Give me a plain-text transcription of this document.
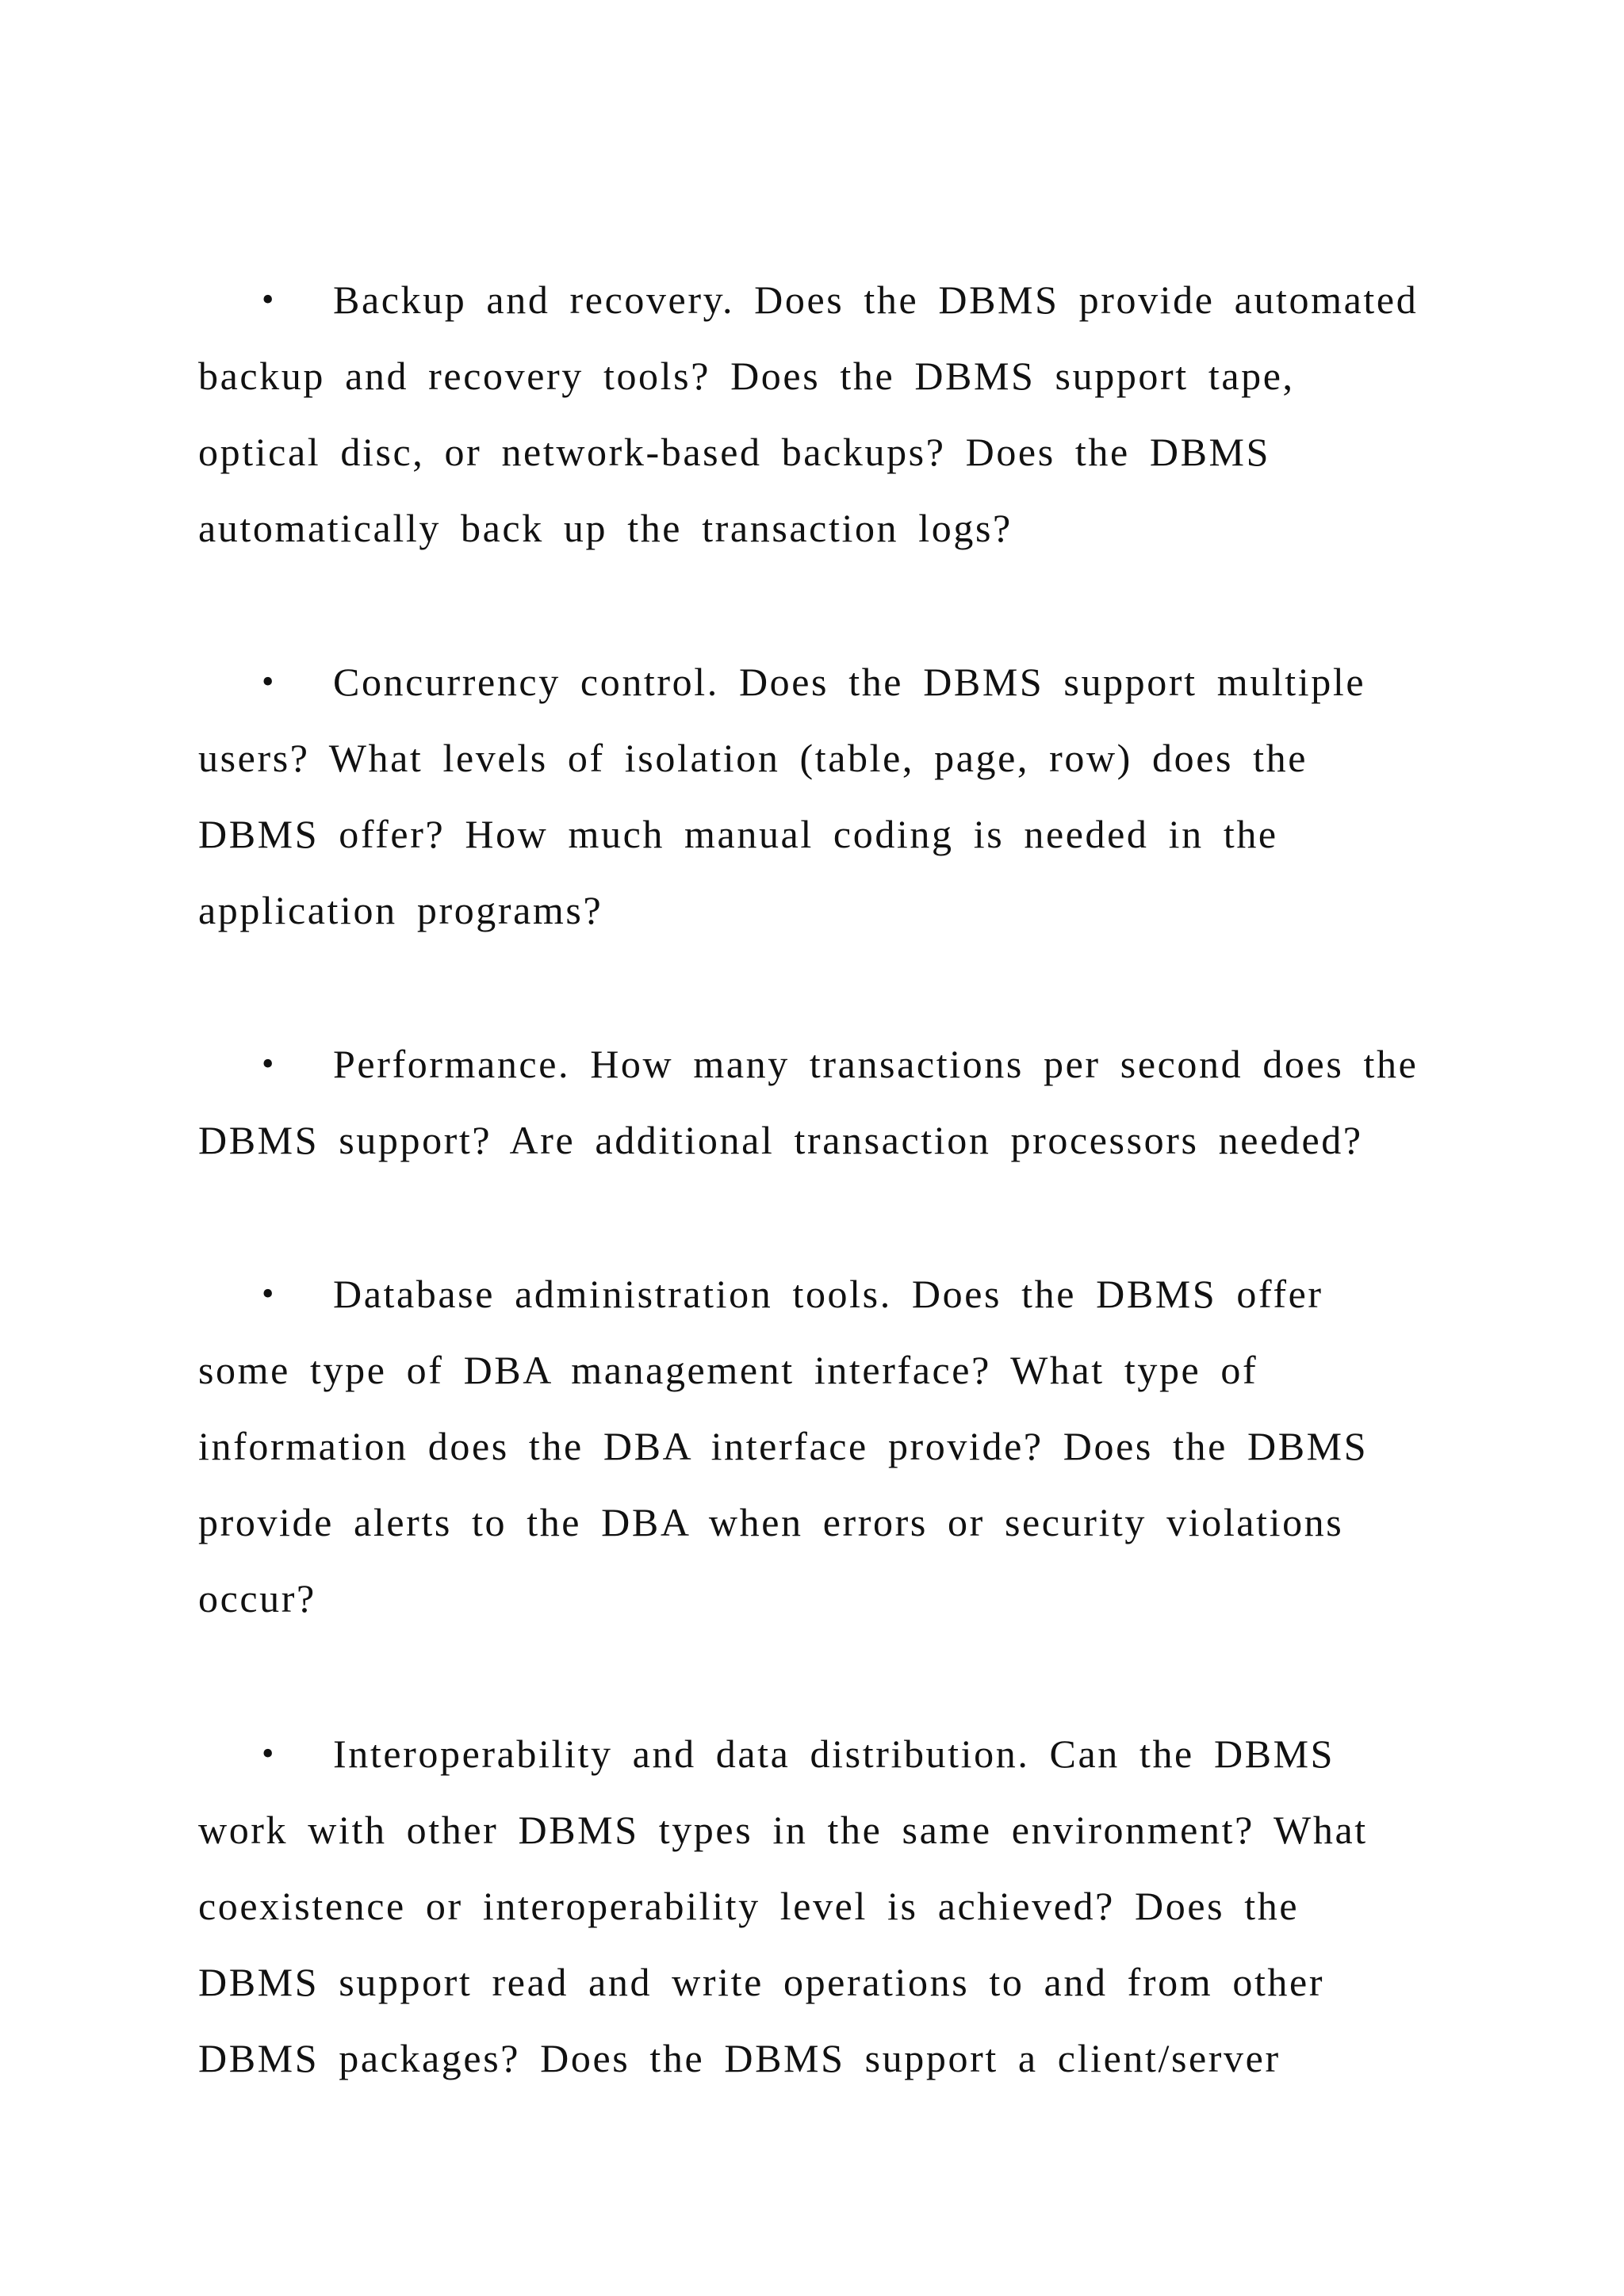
• Backup and recovery. Does the DBMS provide automated
backup and recovery tools? Does the DBMS support tape,
optical disc, or network-based backups? Does the DBMS
automatically back up the transaction logs?
• Concurrency control. Does the DBMS support multiple
users? What levels of isolation (table, page, row) does the
DBMS offer? How much manual coding is needed in the
application programs?
• Performance. How many transactions per second does the
DBMS support? Are additional transaction processors needed?
• Database administration tools. Does the DBMS offer
some type of DBA management interface? What type of
information does the DBA interface provide? Does the DBMS
provide alerts to the DBA when errors or security violations
occur?
• Interoperability and data distribution. Can the DBMS
work with other DBMS types in the same environment? What
coexistence or interoperability level is achieved? Does the
DBMS support read and write operations to and from other
DBMS packages? Does the DBMS support a client/server
